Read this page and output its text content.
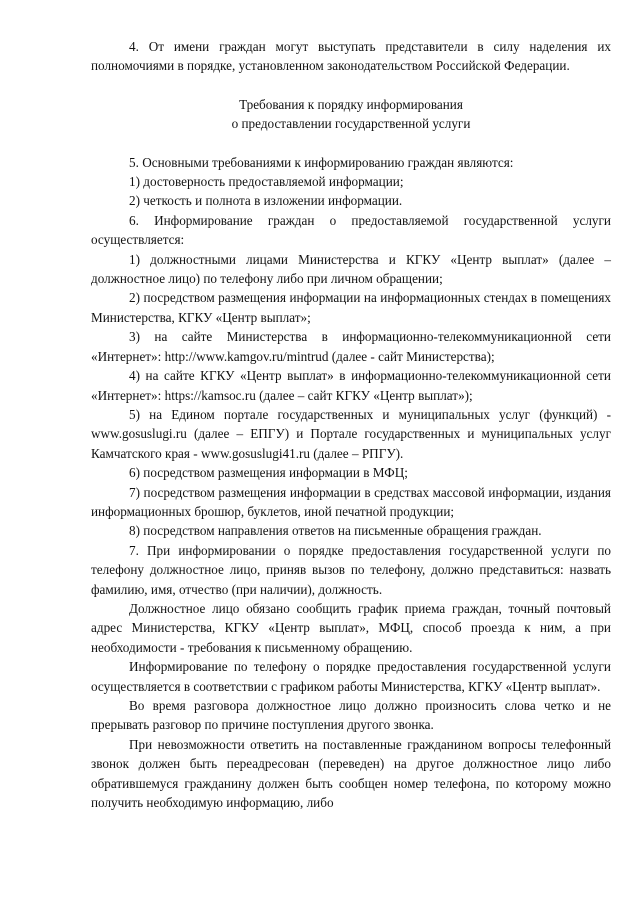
4. От имени граждан могут выступать представители в силу наделения их полномочиями в порядке, установленном законодательством Российской Федерации.

Требования к порядку информирования
о предоставлении государственной услуги

5. Основными требованиями к информированию граждан являются:

1) достоверность предоставляемой информации;

2) четкость и полнота в изложении информации.

6. Информирование граждан о предоставляемой государственной услуги осуществляется:

1) должностными лицами Министерства и КГКУ «Центр выплат» (далее – должностное лицо) по телефону либо при личном обращении;

2) посредством размещения информации на информационных стендах в помещениях Министерства, КГКУ «Центр выплат»;

3) на сайте Министерства в информационно-телекоммуникационной сети «Интернет»: http://www.kamgov.ru/mintrud (далее - сайт Министерства);

4) на сайте КГКУ «Центр выплат» в информационно-телекоммуникационной сети «Интернет»: https://kamsoc.ru (далее – сайт КГКУ «Центр выплат»);

5) на Едином портале государственных и муниципальных услуг (функций) - www.gosuslugi.ru (далее – ЕПГУ) и Портале государственных и муниципальных услуг Камчатского края - www.gosuslugi41.ru (далее – РПГУ).

6) посредством размещения информации в МФЦ;

7) посредством размещения информации в средствах массовой информации, издания информационных брошюр, буклетов, иной печатной продукции;

8) посредством направления ответов на письменные обращения граждан.

7. При информировании о порядке предоставления государственной услуги по телефону должностное лицо, приняв вызов по телефону, должно представиться: назвать фамилию, имя, отчество (при наличии), должность.

Должностное лицо обязано сообщить график приема граждан, точный почтовый адрес Министерства, КГКУ «Центр выплат», МФЦ, способ проезда к ним, а при необходимости - требования к письменному обращению.

Информирование по телефону о порядке предоставления государственной услуги осуществляется в соответствии с графиком работы Министерства, КГКУ «Центр выплат».

Во время разговора должностное лицо должно произносить слова четко и не прерывать разговор по причине поступления другого звонка.

При невозможности ответить на поставленные гражданином вопросы телефонный звонок должен быть переадресован (переведен) на другое должностное лицо либо обратившемуся гражданину должен быть сообщен номер телефона, по которому можно получить необходимую информацию, либо
